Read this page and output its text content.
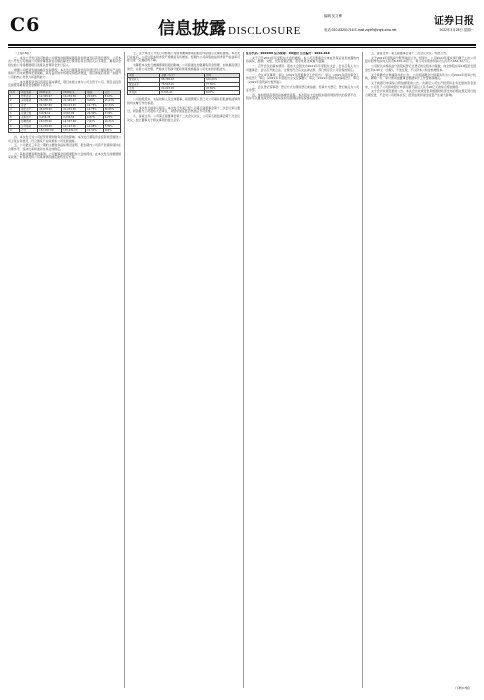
C6	信息披露 DISCLOSURE
编辑 吴文博	证券日报
电话:010-83251716 E-mail:zqrb9@zqrb.sina.net	2022年3月28日 星期一

（上接C5版）

二、本次公开发行的可转换公司债券存续期间募集资金用途及投资项目情况。公司本次公开发行可转换公司债券募集资金总额扣除发行费用后将全部投入以下项目，募集资金到位前公司将根据项目进度以自筹资金先行投入。

根据公司经营发展战略及实际情况，本次发行募集资金投资项目符合国家相关产业政策和公司未来整体发展战略，具有良好的市场前景和经济效益，项目建成后将进一步提升公司的核心竞争力和盈利能力。

三、本次募集资金投资项目基本情况，项目实施主体为公司全资子公司，项目总投资及拟使用募集资金金额如下表所示。

序号	项目名称	2021年末	2020年末	增减	占比
1	货币资金	12,345.67	10,234.56	20.63%	8.12%
2	应收账款	23,456.78	21,345.67	9.89%	15.43%
3	存货	34,567.89	30,123.45	14.75%	22.74%
4	固定资产	45,678.90	41,234.56	10.78%	30.05%
5	在建工程	5,678.12	4,567.89	24.30%	3.74%
6	无形资产	3,456.78	3,234.56	6.87%	2.27%
7	短期借款	15,678.90	14,567.89	7.63%	10.31%
8	应付账款	11,234.56	10,123.45	10.98%	7.39%
9	合计	152,097.60	135,432.03	12.31%	100%

四、本次发行对公司经营管理和财务状况的影响。本次发行募集资金投资项目围绕公司主营业务展开，符合国家产业政策和公司发展战略。

五、公司最近三年及一期的主要财务指标情况说明，报告期内公司资产负债率保持在合理水平，流动比率和速动比率总体稳定。

六、其他需要说明的事项。公司董事会将根据股东大会的授权，在本次发行前根据国家政策、市场状况和公司具体情况确定最终发行方案。

七、关于本次公开发行可转换公司债券摊薄即期回报的风险提示及填补措施。本次发行完成后，公司总股本和净资产规模将有所增加，短期内公司每股收益和净资产收益率可能出现一定幅度的下降。

为降低本次发行摊薄即期回报的影响，公司拟通过加强募集资金管理、加快募投项目建设、完善公司治理、严格执行利润分配政策等措施提高公司未来的回报能力。

项目	金额（万元）	比例
营业收入	98,765.43	100.00%
营业成本	76,543.21	77.50%
毛利	22,222.22	22.50%
净利润	8,765.43	8.87%

公司控股股东、实际控制人及全体董事、高级管理人员已对公司填补回报措施能够得到切实履行作出承诺。

八、本次发行的审议程序。本次发行方案已经公司第五届董事会第十二次会议审议通过，尚需提交公司股东大会审议，并经中国证监会核准后方可实施。

九、备查文件。公司第五届董事会第十二次会议决议；公司第五届监事会第十次会议决议；独立董事关于相关事项的独立意见。

证券代码：002XXX 证券简称：XX股份 公告编号：2022-018

关于召开2021年年度股东大会的通知。本公司及董事会全体成员保证信息披露的内容真实、准确、完整，没有虚假记载、误导性陈述或重大遗漏。

一、召开会议的基本情况：股东大会届次为2021年年度股东大会；会议召集人为公司董事会；会议召开的合法、合规性符合有关法律法规、部门规章及公司章程的规定。

二、会议审议事项：审议《2021年度董事会工作报告》；审议《2021年度监事会工作报告》；审议《2021年年度报告全文及摘要》；审议《2021年度财务决算报告》；审议《2021年度利润分配预案》。

三、会议登记等事项：登记方式为现场登记或信函、传真方式登记；登记地点为公司证券部。

四、参加网络投票的具体操作流程：本次股东大会向股东提供网络形式的投票平台，股东可以通过深交所交易系统和互联网投票系统参加投票。

五、备查文件：第五届董事会第十二次会议决议。特此公告。

关于2021年度利润分配预案的公告。经审计，公司2021年度实现归属于上市公司股东的净利润为人民币8,765.43万元，母公司实现净利润为人民币7,654.32万元。

公司拟以实施权益分派股权登记日登记的总股本为基数，向全体股东每10股派发现金红利1.00元（含税），不送红股，不以资本公积金转增股本。

关于续聘会计师事务所的公告。公司拟续聘会计师事务所为公司2022年度审计机构，聘期一年，审计费用由董事会根据审计工作量协商确定。

关于向银行申请综合授信额度的公告。为满足公司生产经营和业务发展的资金需求，公司及子公司拟向银行申请总额不超过人民币10亿元的综合授信额度。

关于会计政策变更的公告。本次会计政策变更是根据财政部发布的相关规定进行的合理变更，不会对公司财务状况、经营成果和现金流量产生重大影响。

（下转C7版）
